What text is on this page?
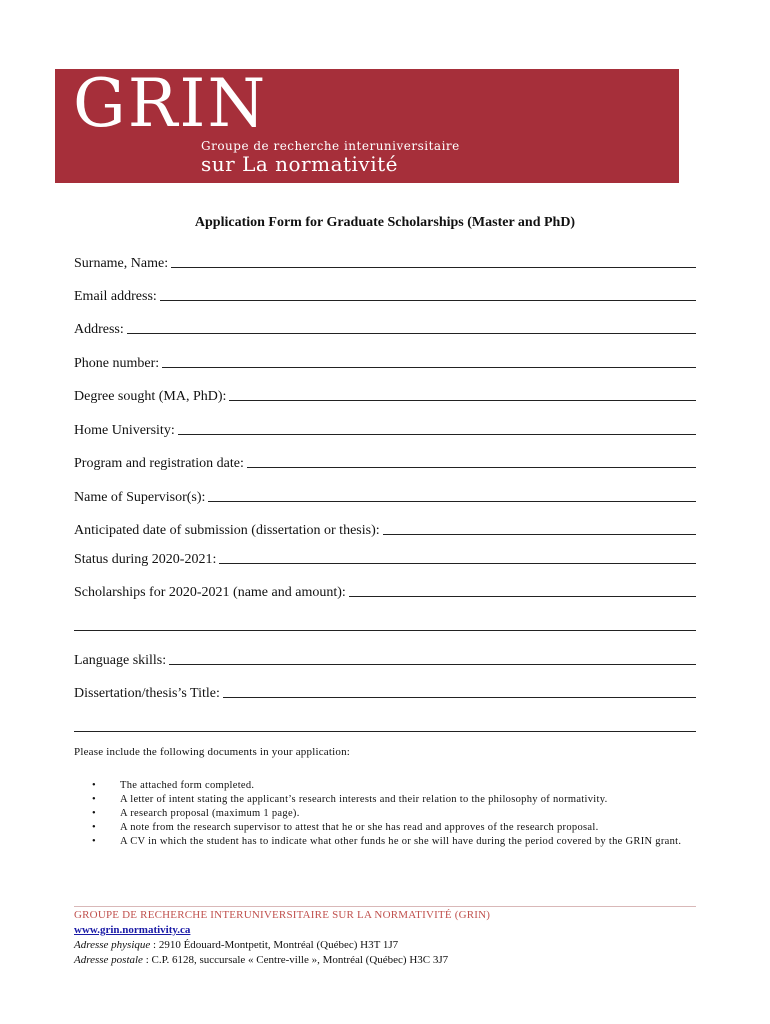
GRIN
Groupe de recherche interuniversitaire
sur La normativité
Application Form for Graduate Scholarships (Master and PhD)
Surname, Name:
Email address:
Address:
Phone number:
Degree sought (MA, PhD):
Home University:
Program and registration date:
Name of Supervisor(s):
Anticipated date of submission (dissertation or thesis):
Status during 2020-2021:
Scholarships for 2020-2021 (name and amount):
Language skills:
Dissertation/thesis’s Title:
Please include the following documents in your application:
• The attached form completed.
• A letter of intent stating the applicant’s research interests and their relation to the philosophy of normativity.
• A research proposal (maximum 1 page).
• A note from the research supervisor to attest that he or she has read and approves of the research proposal.
• A CV in which the student has to indicate what other funds he or she will have during the period covered by the GRIN grant.
GROUPE DE RECHERCHE INTERUNIVERSITAIRE SUR LA NORMATIVITÉ (GRIN)
www.grin.normativity.ca
Adresse physique : 2910 Édouard-Montpetit, Montréal (Québec) H3T 1J7
Adresse postale : C.P. 6128, succursale « Centre-ville », Montréal (Québec) H3C 3J7
